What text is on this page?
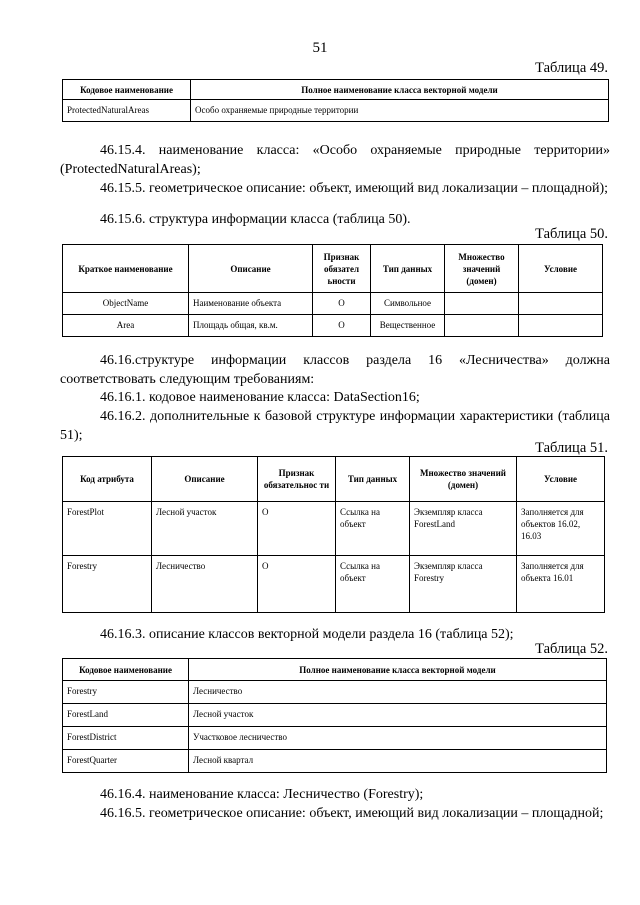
51
Таблица 49.
Кодовое наименование	Полное наименование класса векторной модели
ProtectedNaturalAreas	Особо охраняемые природные территории
46.15.4. наименование класса: «Особо охраняемые природные территории» (ProtectedNaturalAreas);
46.15.5. геометрическое описание: объект, имеющий вид локализации – площадной);
46.15.6. структура информации класса (таблица 50).
Таблица 50.
Краткое наименование	Описание	Признак обязател ьности	Тип данных	Множество значений (домен)	Условие
ObjectName	Наименование объекта	О	Символьное		
Area	Площадь общая, кв.м.	О	Вещественное		
46.16.структуре информации классов раздела 16 «Лесничества» должна соответствовать следующим требованиям:
46.16.1. кодовое наименование класса: DataSection16;
46.16.2. дополнительные к базовой структуре информации характеристики (таблица 51);
Таблица 51.
Код атрибута	Описание	Признак обязательнос ти	Тип данных	Множество значений (домен)	Условие
ForestPlot	Лесной участок	О	Ссылка на объект	Экземпляр класса ForestLand	Заполняется для объектов 16.02, 16.03
Forestry	Лесничество	О	Ссылка на объект	Экземпляр класса Forestry	Заполняется для объекта 16.01
46.16.3. описание классов векторной модели раздела 16 (таблица 52);
Таблица 52.
Кодовое наименование	Полное наименование класса векторной модели
Forestry	Лесничество
ForestLand	Лесной участок
ForestDistrict	Участковое лесничество
ForestQuarter	Лесной квартал
46.16.4. наименование класса: Лесничество (Forestry);
46.16.5. геометрическое описание: объект, имеющий вид локализации – площадной;
